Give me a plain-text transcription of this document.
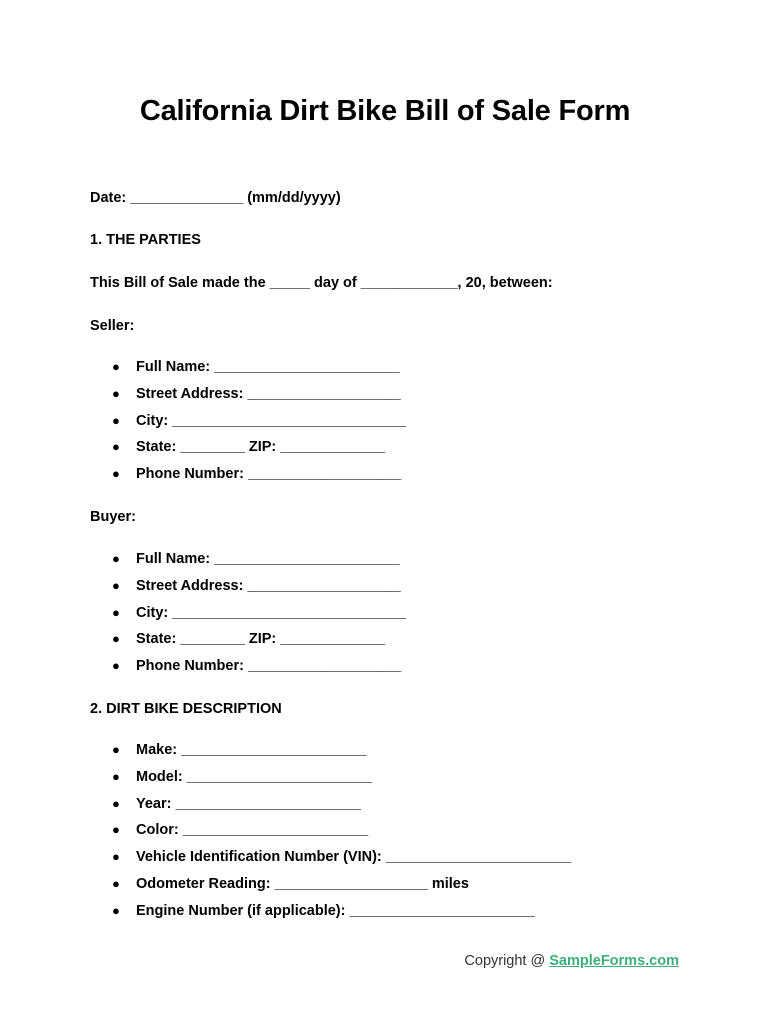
California Dirt Bike Bill of Sale Form
Date: ______________ (mm/dd/yyyy)
1. THE PARTIES
This Bill of Sale made the _____ day of ____________, 20, between:
Seller:

●

Full Name: _______________________

●

Street Address: ___________________

●

City: _____________________________

●

State: ________ ZIP: _____________

●

Phone Number: ___________________

Buyer:

●

Full Name: _______________________

●

Street Address: ___________________

●

City: _____________________________

●

State: ________ ZIP: _____________

●

Phone Number: ___________________

2. DIRT BIKE DESCRIPTION

●

Make: _______________________

●

Model: _______________________

●

Year: _______________________

●

Color: _______________________

●

Vehicle Identification Number (VIN): _______________________

●

Odometer Reading: ___________________ miles

●

Engine Number (if applicable): _______________________

Copyright @ SampleForms.com
